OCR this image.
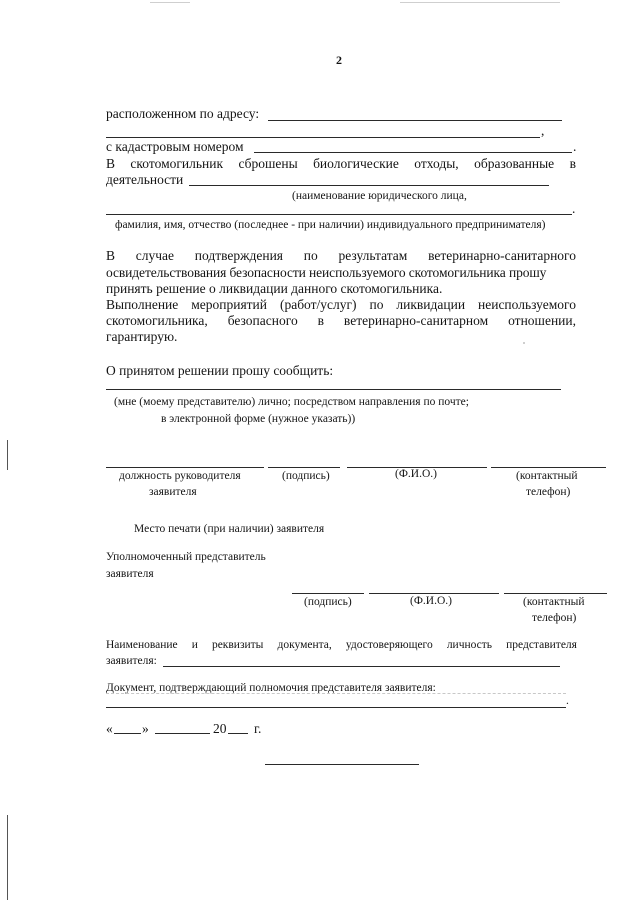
2
расположенном по адресу:
,
с кадастровым номером	.
В скотомогильник сброшены биологические отходы, образованные в
деятельности
(наименование юридического лица,
.
фамилия, имя, отчество (последнее - при наличии) индивидуального предпринимателя)
В случае подтверждения по результатам ветеринарно-санитарного
освидетельствования безопасности неиспользуемого скотомогильника прошу
принять решение о ликвидации данного скотомогильника.
Выполнение мероприятий (работ/услуг) по ликвидации неиспользуемого
скотомогильника, безопасного в ветеринарно-санитарном отношении,
гарантирую.
О принятом решении прошу сообщить:
(мне (моему представителю) лично; посредством направления по почте;
в электронной форме (нужное указать))
должность руководителя
заявителя
(подпись)	(Ф.И.О.)	(контактный
телефон)
Место печати (при наличии) заявителя
Уполномоченный представитель
заявителя
(подпись)	(Ф.И.О.)	(контактный
телефон)
Наименование и реквизиты документа, удостоверяющего личность представителя
заявителя:
Документ, подтверждающий полномочия представителя заявителя:
.
« »	20 г.
